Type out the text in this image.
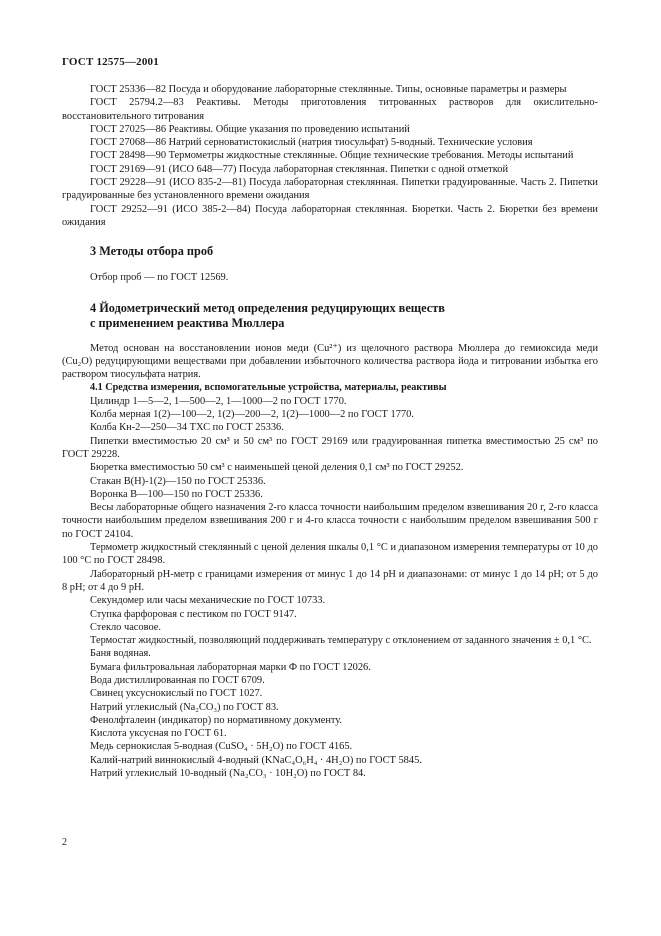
ГОСТ 12575—2001

ГОСТ 25336—82 Посуда и оборудование лабораторные стеклянные. Типы, основные параметры и размеры

ГОСТ 25794.2—83 Реактивы. Методы приготовления титрованных растворов для окислительно-восстановительного титрования

ГОСТ 27025—86 Реактивы. Общие указания по проведению испытаний

ГОСТ 27068—86 Натрий серноватистокислый (натрия тиосульфат) 5-водный. Технические условия

ГОСТ 28498—90 Термометры жидкостные стеклянные. Общие технические требования. Методы испытаний

ГОСТ 29169—91 (ИСО 648—77) Посуда лабораторная стеклянная. Пипетки с одной отметкой

ГОСТ 29228—91 (ИСО 835-2—81) Посуда лабораторная стеклянная. Пипетки градуированные. Часть 2. Пипетки градуированные без установленного времени ожидания

ГОСТ 29252—91 (ИСО 385-2—84) Посуда лабораторная стеклянная. Бюретки. Часть 2. Бюретки без времени ожидания

3 Методы отбора проб

Отбор проб — по ГОСТ 12569.

4 Йодометрический метод определения редуцирующих веществ
с применением реактива Мюллера

Метод основан на восстановлении ионов меди (Cu²⁺) из щелочного раствора Мюллера до гемиоксида меди (Cu₂O) редуцирующими веществами при добавлении избыточного количества раствора йода и титровании избытка его раствором тиосульфата натрия.

4.1 Средства измерения, вспомогательные устройства, материалы, реактивы

Цилиндр 1—5—2, 1—500—2, 1—1000—2 по ГОСТ 1770.

Колба мерная 1(2)—100—2, 1(2)—200—2, 1(2)—1000—2 по ГОСТ 1770.

Колба Кн-2—250—34 ТХС по ГОСТ 25336.

Пипетки вместимостью 20 см³ и 50 см³ по ГОСТ 29169 или градуированная пипетка вместимостью 25 см³ по ГОСТ 29228.

Бюретка вместимостью 50 см³ с наименьшей ценой деления 0,1 см³ по ГОСТ 29252.

Стакан В(Н)-1(2)—150 по ГОСТ 25336.

Воронка В—100—150 по ГОСТ 25336.

Весы лабораторные общего назначения 2-го класса точности наибольшим пределом взвешивания 20 г, 2-го класса точности наибольшим пределом взвешивания 200 г и 4-го класса точности с наибольшим пределом взвешивания 500 г по ГОСТ 24104.

Термометр жидкостный стеклянный с ценой деления шкалы 0,1 °С и диапазоном измерения температуры от 10 до 100 °С по ГОСТ 28498.

Лабораторный рН-метр с границами измерения от минус 1 до 14 рН и диапазонами: от минус 1 до 14 рН; от 5 до 8 рН; от 4 до 9 рН.

Секундомер или часы механические по ГОСТ 10733.

Ступка фарфоровая с пестиком по ГОСТ 9147.

Стекло часовое.

Термостат жидкостный, позволяющий поддерживать температуру с отклонением от заданного значения ± 0,1 °С.

Баня водяная.

Бумага фильтровальная лабораторная марки Ф по ГОСТ 12026.

Вода дистиллированная по ГОСТ 6709.

Свинец уксуснокислый по ГОСТ 1027.

Натрий углекислый (Na₂CO₃) по ГОСТ 83.

Фенолфталеин (индикатор) по нормативному документу.

Кислота уксусная по ГОСТ 61.

Медь сернокислая 5-водная (CuSO₄ · 5H₂O) по ГОСТ 4165.

Калий-натрий виннокислый 4-водный (KNaC₄O₆H₄ · 4H₂O) по ГОСТ 5845.

Натрий углекислый 10-водный (Na₂CO₃ · 10H₂O) по ГОСТ 84.

2
